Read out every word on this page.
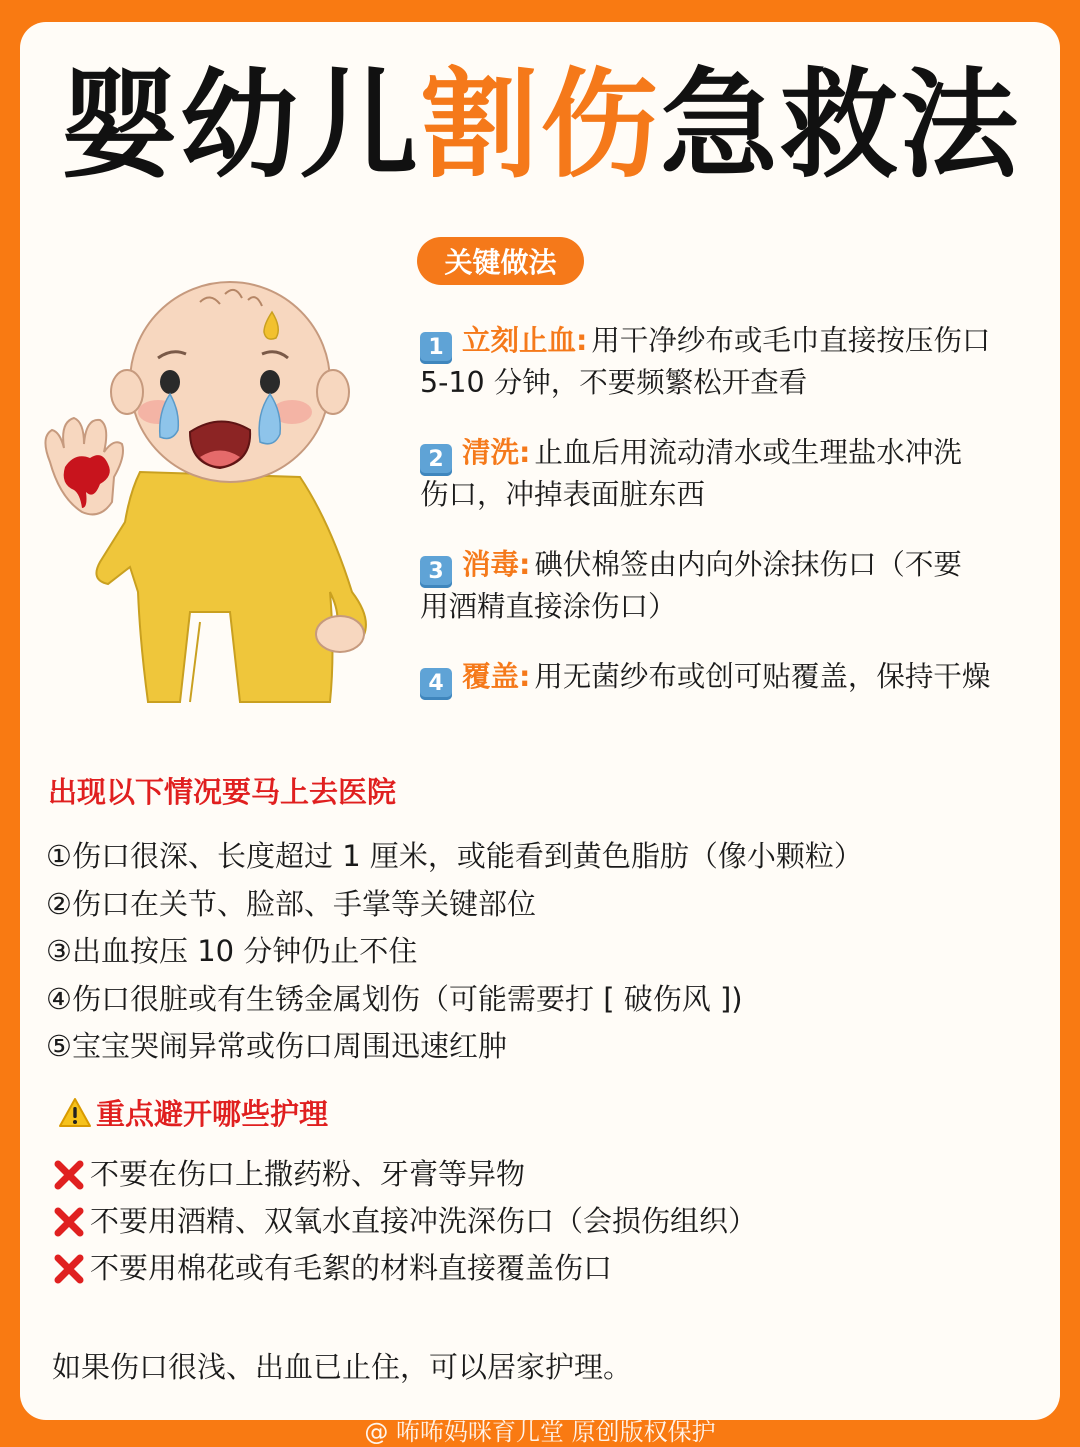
婴幼儿割伤急救法
关键做法
1 立刻止血: 用干净纱布或毛巾直接按压伤口
5-10 分钟，不要频繁松开查看
2 清洗: 止血后用流动清水或生理盐水冲洗
伤口，冲掉表面脏东西
3 消毒: 碘伏棉签由内向外涂抹伤口（不要
用酒精直接涂伤口）
4 覆盖: 用无菌纱布或创可贴覆盖，保持干燥
出现以下情况要马上去医院
①伤口很深、长度超过 1 厘米，或能看到黄色脂肪（像小颗粒）
②伤口在关节、脸部、手掌等关键部位
③出血按压 10 分钟仍止不住
④伤口很脏或有生锈金属划伤（可能需要打 [ 破伤风 ])
⑤宝宝哭闹异常或伤口周围迅速红肿
重点避开哪些护理
不要在伤口上撒药粉、牙膏等异物
不要用酒精、双氧水直接冲洗深伤口（会损伤组织）
不要用棉花或有毛絮的材料直接覆盖伤口
如果伤口很浅、出血已止住，可以居家护理。
@ 咘咘妈咪育儿堂 原创版权保护
